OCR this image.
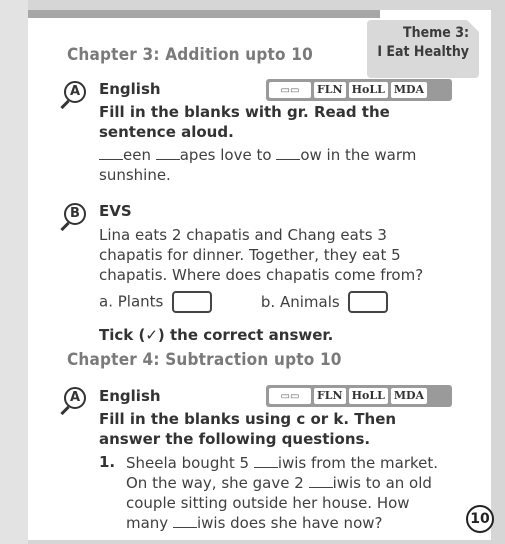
Theme 3:
I Eat Healthy
Chapter 3: Addition upto 10
A	English	▭▭	FLN HoLL MDA
Fill in the blanks with gr. Read the sentence aloud.
een apes love to ow in the warm sunshine.
B	EVS
Lina eats 2 chapatis and Chang eats 3 chapatis for dinner. Together, they eat 5 chapatis. Where does chapatis come from?
a. Plants	b. Animals
Tick (✓) the correct answer.
Chapter 4: Subtraction upto 10
A	English	▭▭	FLN HoLL MDA
Fill in the blanks using c or k. Then answer the following questions.
1. Sheela bought 5 iwis from the market. On the way, she gave 2 iwis to an old couple sitting outside her house. How many iwis does she have now?	10
